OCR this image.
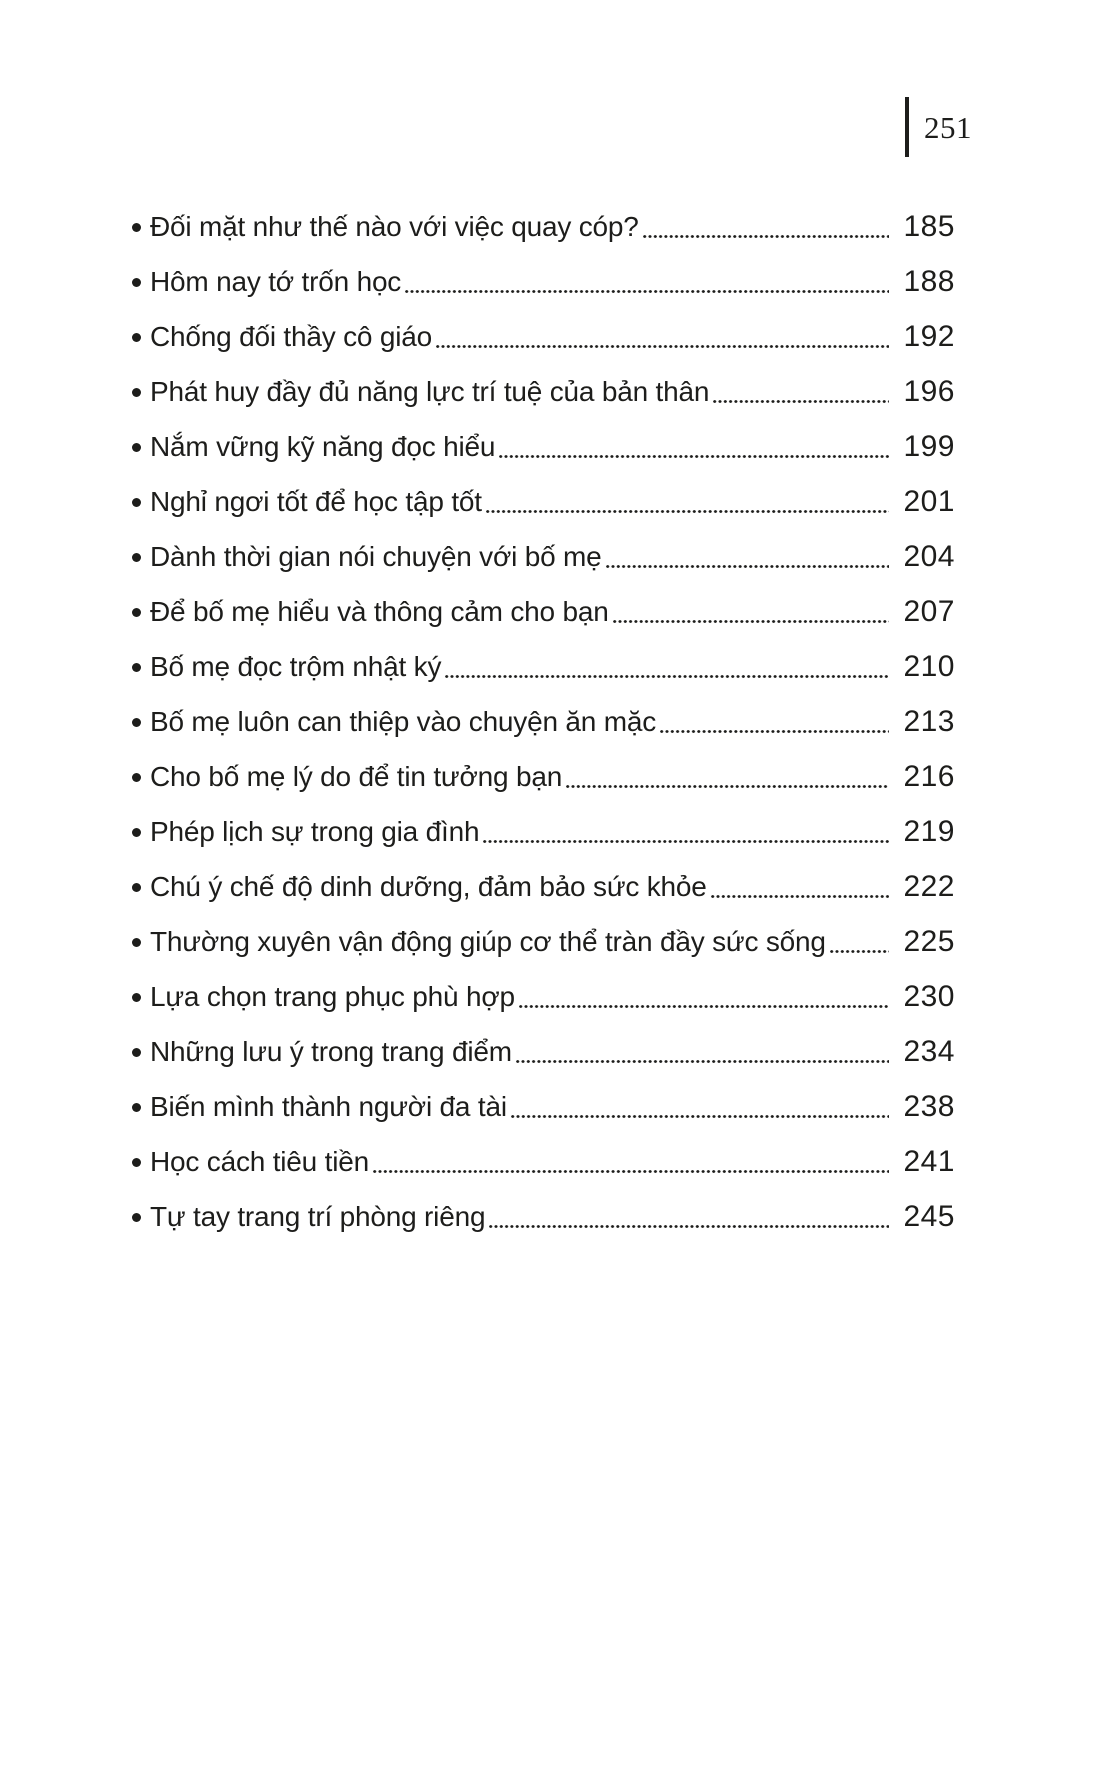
251
Đối mặt như thế nào với việc quay cóp?	185
Hôm nay tớ trốn học	188
Chống đối thầy cô giáo	192
Phát huy đầy đủ năng lực trí tuệ của bản thân	196
Nắm vững kỹ năng đọc hiểu	199
Nghỉ ngơi tốt để học tập tốt	201
Dành thời gian nói chuyện với bố mẹ	204
Để bố mẹ hiểu và thông cảm cho bạn	207
Bố mẹ đọc trộm nhật ký	210
Bố mẹ luôn can thiệp vào chuyện ăn mặc	213
Cho bố mẹ lý do để tin tưởng bạn	216
Phép lịch sự trong gia đình	219
Chú ý chế độ dinh dưỡng, đảm bảo sức khỏe	222
Thường xuyên vận động giúp cơ thể tràn đầy sức sống	225
Lựa chọn trang phục phù hợp	230
Những lưu ý trong trang điểm	234
Biến mình thành người đa tài	238
Học cách tiêu tiền	241
Tự tay trang trí phòng riêng	245
